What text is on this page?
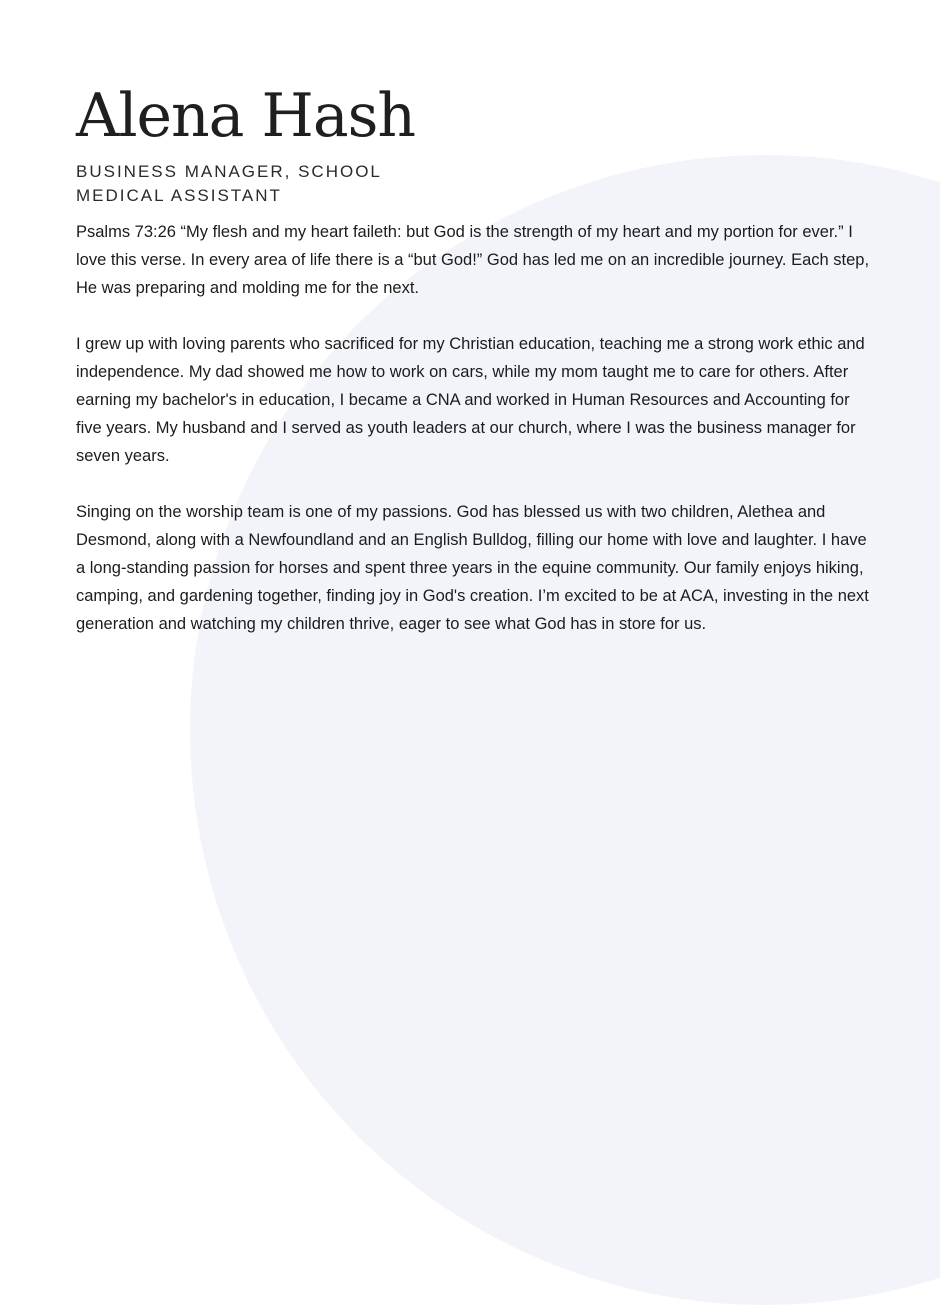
Alena Hash
BUSINESS MANAGER, SCHOOL
MEDICAL ASSISTANT

Psalms 73:26 “My flesh and my heart faileth: but God is the strength of my heart and my portion for ever.” I love this verse. In every area of life there is a “but God!” God has led me on an incredible journey. Each step, He was preparing and molding me for the next.

I grew up with loving parents who sacrificed for my Christian education, teaching me a strong work ethic and independence. My dad showed me how to work on cars, while my mom taught me to care for others. After earning my bachelor's in education, I became a CNA and worked in Human Resources and Accounting for five years. My husband and I served as youth leaders at our church, where I was the business manager for seven years.

Singing on the worship team is one of my passions. God has blessed us with two children, Alethea and Desmond, along with a Newfoundland and an English Bulldog, filling our home with love and laughter. I have a long-standing passion for horses and spent three years in the equine community. Our family enjoys hiking, camping, and gardening together, finding joy in God's creation. I’m excited to be at ACA, investing in the next generation and watching my children thrive, eager to see what God has in store for us.
